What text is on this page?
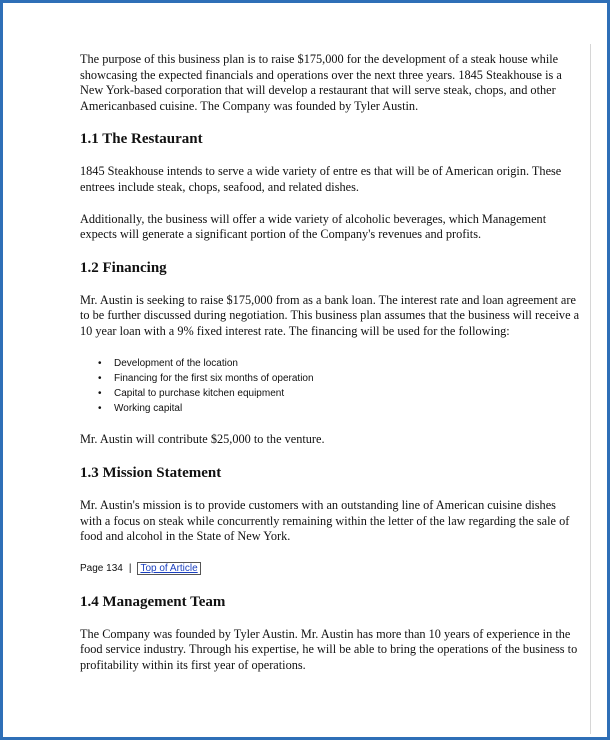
The purpose of this business plan is to raise $175,000 for the development of a steak house while showcasing the expected financials and operations over the next three years. 1845 Steakhouse is a New York-based corporation that will develop a restaurant that will serve steak, chops, and other Americanbased cuisine. The Company was founded by Tyler Austin.

1.1 The Restaurant

1845 Steakhouse intends to serve a wide variety of entre es that will be of American origin. These entrees include steak, chops, seafood, and related dishes.

Additionally, the business will offer a wide variety of alcoholic beverages, which Management expects will generate a significant portion of the Company's revenues and profits.

1.2 Financing

Mr. Austin is seeking to raise $175,000 from as a bank loan. The interest rate and loan agreement are to be further discussed during negotiation. This business plan assumes that the business will receive a 10 year loan with a 9% fixed interest rate. The financing will be used for the following:

• Development of the location
• Financing for the first six months of operation
• Capital to purchase kitchen equipment
• Working capital

Mr. Austin will contribute $25,000 to the venture.

1.3 Mission Statement

Mr. Austin's mission is to provide customers with an outstanding line of American cuisine dishes with a focus on steak while concurrently remaining within the letter of the law regarding the sale of food and alcohol in the State of New York.

Page 134 | Top of Article
1.4 Management Team

The Company was founded by Tyler Austin. Mr. Austin has more than 10 years of experience in the food service industry. Through his expertise, he will be able to bring the operations of the business to profitability within its first year of operations.
